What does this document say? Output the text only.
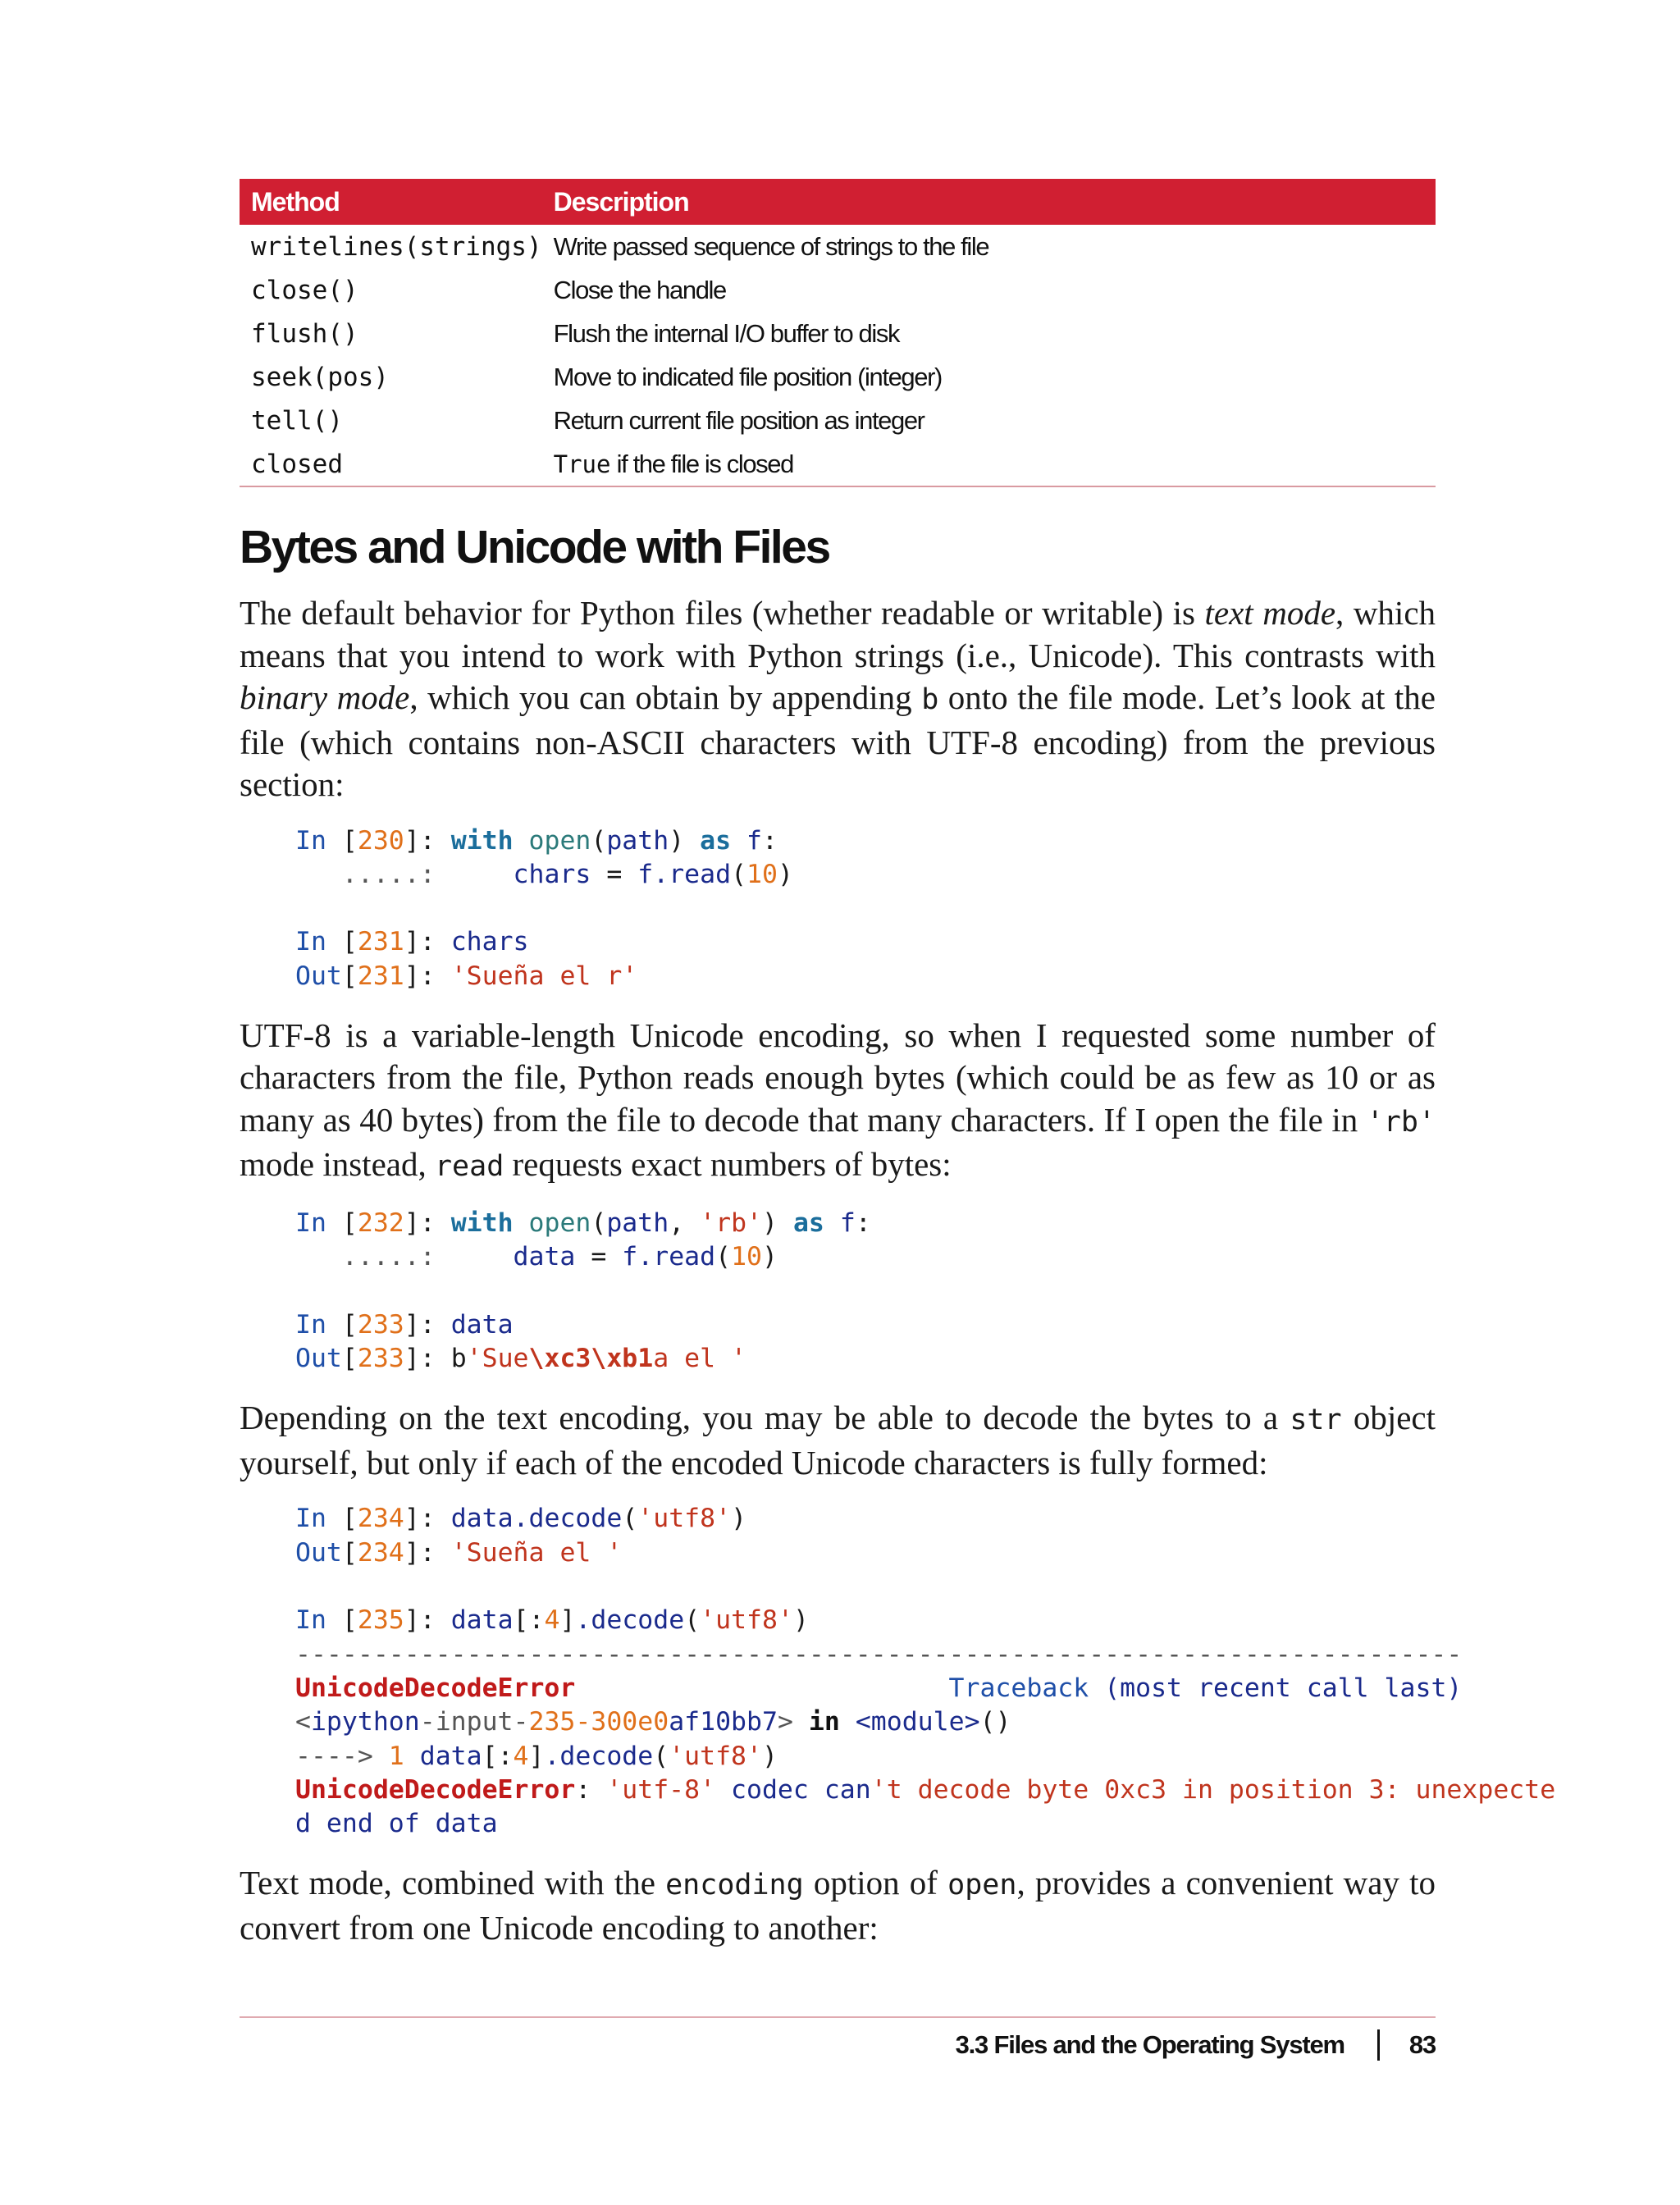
Method	Description
writelines(strings)	Write passed sequence of strings to the file
close()	Close the handle
flush()	Flush the internal I/O buffer to disk
seek(pos)	Move to indicated file position (integer)
tell()	Return current file position as integer
closed	True if the file is closed
Bytes and Unicode with Files

The default behavior for Python files (whether readable or writable) is text mode, which means that you intend to work with Python strings (i.e., Unicode). This contrasts with binary mode, which you can obtain by appending b onto the file mode. Let’s look at the file (which contains non-ASCII characters with UTF-8 encoding) from the previous section:

In [230]: with open(path) as f:
.....:	chars = f.read(10)

In [231]: chars
Out[231]: 'Sueña el r'

UTF-8 is a variable-length Unicode encoding, so when I requested some number of characters from the file, Python reads enough bytes (which could be as few as 10 or as many as 40 bytes) from the file to decode that many characters. If I open the file in 'rb' mode instead, read requests exact numbers of bytes:

In [232]: with open(path, 'rb') as f:
.....:	data = f.read(10)

In [233]: data
Out[233]: b'Sue\xc3\xb1a el '

Depending on the text encoding, you may be able to decode the bytes to a str object yourself, but only if each of the encoded Unicode characters is fully formed:

In [234]: data.decode('utf8')
Out[234]: 'Sueña el '

In [235]: data[:4].decode('utf8')
---------------------------------------------------------------------------
UnicodeDecodeError	Traceback (most recent call last)
<ipython-input-235-300e0af10bb7> in <module>()
----> 1 data[:4].decode('utf8')
UnicodeDecodeError: 'utf-8' codec can't decode byte 0xc3 in position 3: unexpecte
d end of data

Text mode, combined with the encoding option of open, provides a convenient way to convert from one Unicode encoding to another:

3.3 Files and the Operating System	83
